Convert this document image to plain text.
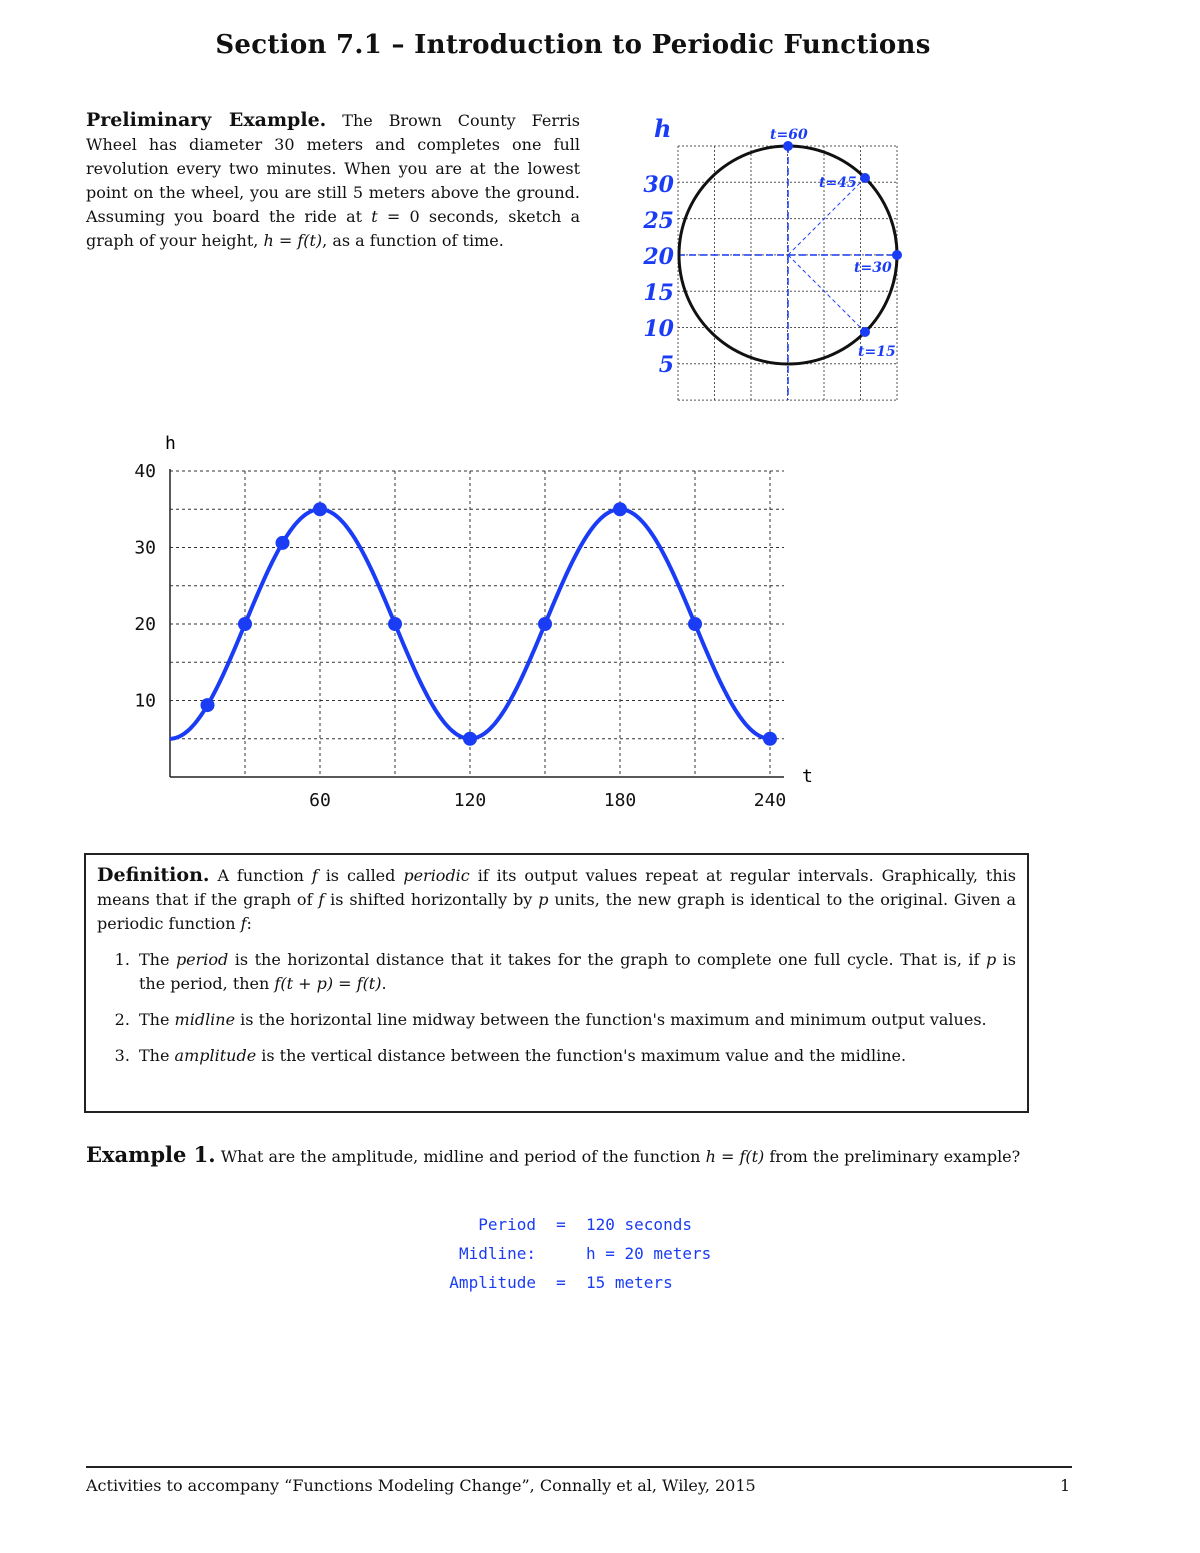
Section 7.1 – Introduction to Periodic Functions
Preliminary Example. The Brown County Ferris Wheel has diameter 30 meters and completes one full revolution every two minutes. When you are at the lowest point on the wheel, you are still 5 meters above the ground. Assuming you board the ride at t = 0 seconds, sketch a graph of your height, h = f(t), as a function of time.
h
30
25
20
15
10
5
t=60
t=45
t=30
t=15
60	120	180	240
10
20
30
40
h
t
Definition. A function f is called periodic if its output values repeat at regular intervals. Graphically, this means that if the graph of f is shifted horizontally by p units, the new graph is identical to the original. Given a periodic function f:
1. The period is the horizontal distance that it takes for the graph to complete one full cycle. That is, if p is the period, then f(t + p) = f(t).
2. The midline is the horizontal line midway between the function's maximum and minimum output values.
3. The amplitude is the vertical distance between the function's maximum value and the midline.
Example 1. What are the amplitude, midline and period of the function h = f(t) from the preliminary example?
Period	=	120 seconds
Midline:	h = 20 meters
Amplitude	=	15 meters
Activities to accompany “Functions Modeling Change”, Connally et al, Wiley, 2015	1
